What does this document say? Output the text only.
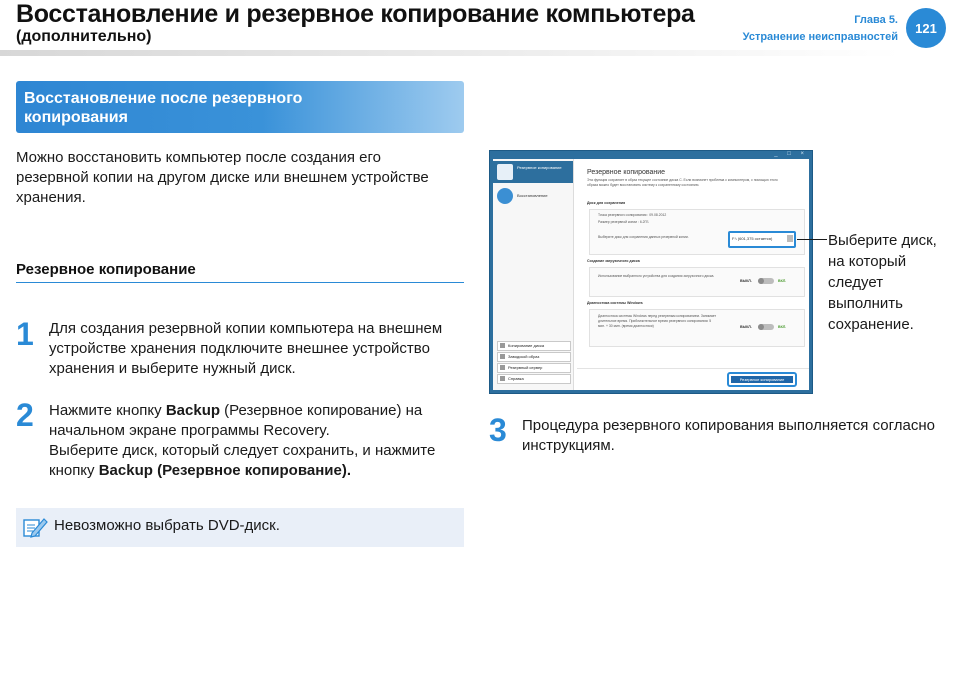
Восстановление и резервное копирование компьютера
(дополнительно)
Глава 5.
Устранение неисправностей
121
Восстановление после резервного копирования
Можно восстановить компьютер после создания его резервной копии на другом диске или внешнем устройстве хранения.
Резервное копирование
1 Для создания резервной копии компьютера на внешнем устройстве хранения подключите внешнее устройство хранения и выберите нужный диск.
2 Нажмите кнопку Backup (Резервное копирование) на начальном экране программы Recovery.
Выберите диск, который следует сохранить, и нажмите кнопку Backup (Резервное копирование).
3 Процедура резервного копирования выполняется согласно инструкциям.
Невозможно выбрать DVD-диск.
_ □ ×
Резервное копирование
Восстановление
Копирование диска
Заводской образ
Резервный сервер
Справка
Резервное копирование
Эта функция сохраняет в образ текущее состояние диска C. Если возникнет проблема с компьютером, с помощью этого образа можно будет восстановить систему к сохраненному состоянию.
Диск для сохранения
Точка резервного копирования : 09.08.2012
Размер резервной копии : 6.2ГБ
Выберите диск для сохранения данных резервной копии.	F:\ (601,375 остается)
Создание загрузочного диска
Использование выбранного устройства для создания загрузочного диска.
ВЫКЛ.	ВКЛ.
Диагностика системы Windows
Диагностика системы Windows перед резервным копированием. Занимает длительное время. Приблизительное время резервного копирования: 5 мин. + 30 мин. (время диагностики)	ВЫКЛ.	ВКЛ.
Резервное копирование
Выберите диск, на который следует выполнить сохранение.
